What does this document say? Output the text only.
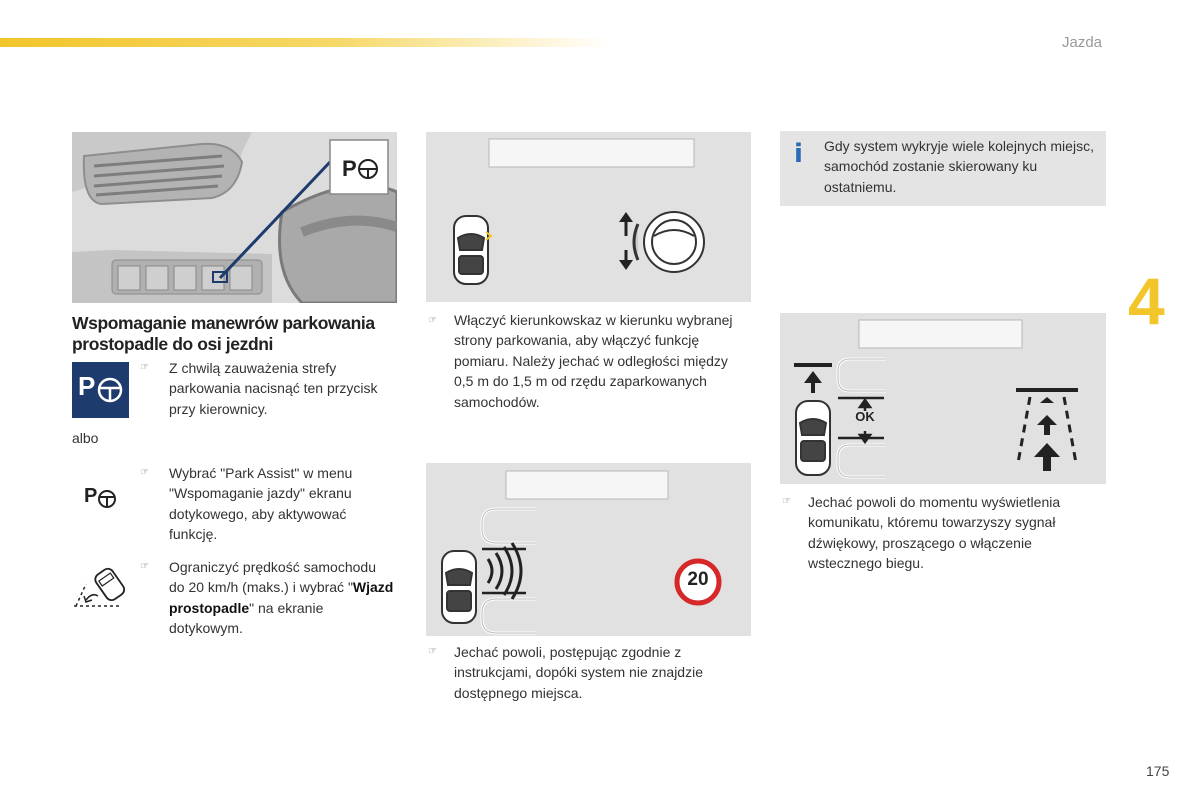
Jazda
4
175
P
Wspomaganie manewrów parkowania prostopadle do osi jezdni
P
☞ Z chwilą zauważenia strefy parkowania nacisnąć ten przycisk przy kierownicy.
albo
P
☞ Wybrać "Park Assist" w menu "Wspomaganie jazdy" ekranu dotykowego, aby aktywować funkcję.
☞ Ograniczyć prędkość samochodu do 20 km/h (maks.) i wybrać "Wjazd prostopadle" na ekranie dotykowym.
☞ Włączyć kierunkowskaz w kierunku wybranej strony parkowania, aby włączyć funkcję pomiaru. Należy jechać w odległości między 0,5 m do 1,5 m od rzędu zaparkowanych samochodów.
20
☞ Jechać powoli, postępując zgodnie z instrukcjami, dopóki system nie znajdzie dostępnego miejsca.
i Gdy system wykryje wiele kolejnych miejsc, samochód zostanie skierowany ku ostatniemu.
OK
☞ Jechać powoli do momentu wyświetlenia komunikatu, któremu towarzyszy sygnał dźwiękowy, proszącego o włączenie wstecznego biegu.
